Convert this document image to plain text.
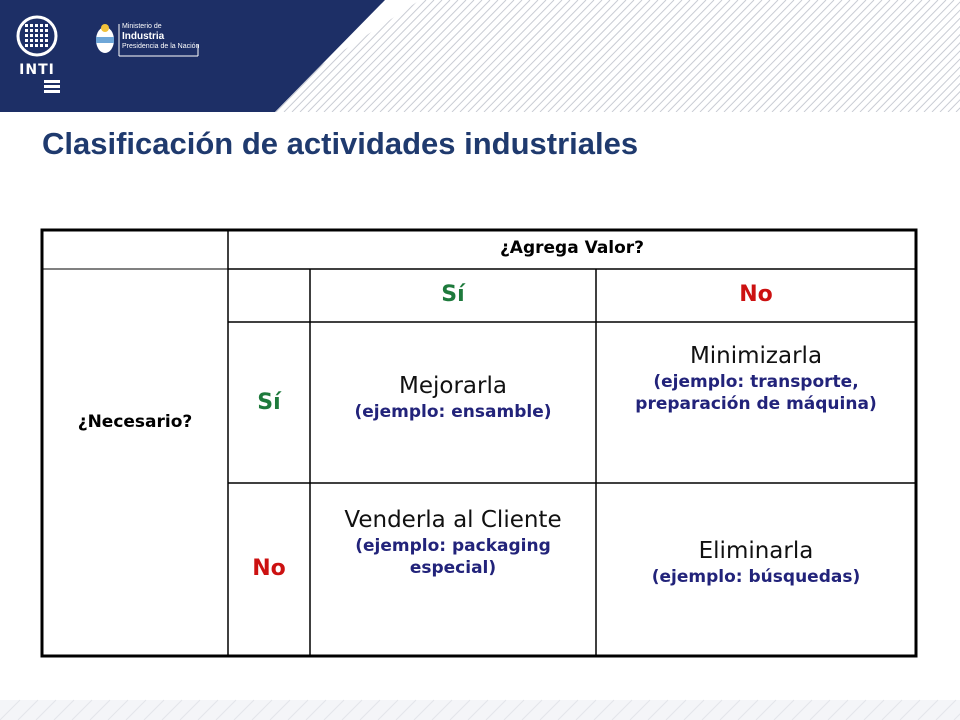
INTI
Ministerio de
Industria
Presidencia de la Nación
Clasificación de actividades industriales
¿Agrega Valor?
¿Necesario?
Sí	No
Sí
No
Mejorarla
(ejemplo: ensamble)
Minimizarla
(ejemplo: transporte, preparación de máquina)
Venderla al Cliente
(ejemplo: packaging especial)
Eliminarla
(ejemplo: búsquedas)
